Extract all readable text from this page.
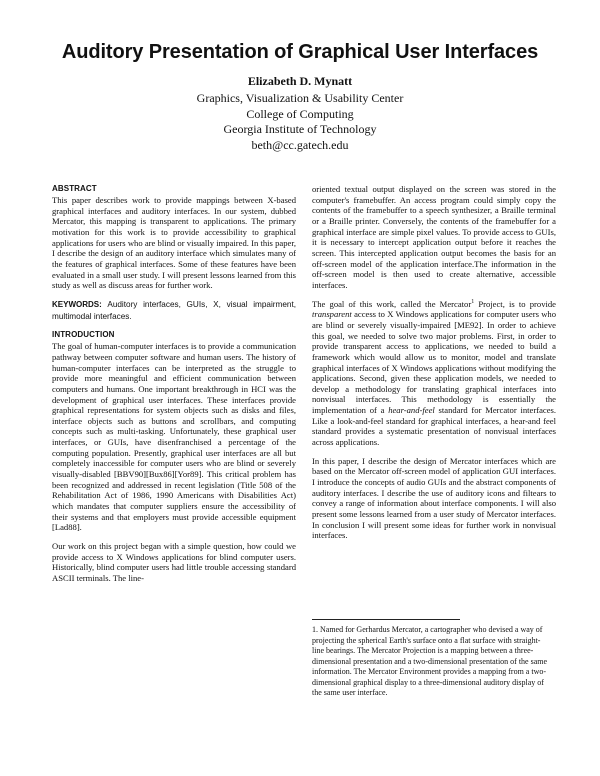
Auditory Presentation of Graphical User Interfaces
Elizabeth D. Mynatt
Graphics, Visualization & Usability Center
College of Computing
Georgia Institute of Technology
beth@cc.gatech.edu
ABSTRACT

This paper describes work to provide mappings between X-based graphical interfaces and auditory interfaces. In our system, dubbed Mercator, this mapping is transparent to applications. The primary motivation for this work is to provide accessibility to graphical applications for users who are blind or visually impaired. In this paper, I describe the design of an auditory interface which simulates many of the features of graphical interfaces. Some of these features have been evaluated in a small user study. I will present lessons learned from this study as well as discuss areas for further work.

KEYWORDS: Auditory interfaces, GUIs, X, visual impairment, multimodal interfaces.

INTRODUCTION

The goal of human-computer interfaces is to provide a communication pathway between computer software and human users. The history of human-computer interfaces can be interpreted as the struggle to provide more meaningful and efficient communication between computers and humans. One important breakthrough in HCI was the development of graphical user interfaces. These interfaces provide graphical representations for system objects such as disks and files, interface objects such as buttons and scrollbars, and computing concepts such as multi-tasking. Unfortunately, these graphical user interfaces, or GUIs, have disenfranchised a percentage of the computing population. Presently, graphical user interfaces are all but completely inaccessible for computer users who are blind or severely visually-disabled [BBV90][Bux86][Yor89]. This critical problem has been recognized and addressed in recent legislation (Title 508 of the Rehabilitation Act of 1986, 1990 Americans with Disabilities Act) which mandates that computer suppliers ensure the accessibility of their systems and that employers must provide accessible equipment [Lad88].

Our work on this project began with a simple question, how could we provide access to X Windows applications for blind computer users. Historically, blind computer users had little trouble accessing standard ASCII terminals. The line-

oriented textual output displayed on the screen was stored in the computer's framebuffer. An access program could simply copy the contents of the framebuffer to a speech synthesizer, a Braille terminal or a Braille printer. Conversely, the contents of the framebuffer for a graphical interface are simple pixel values. To provide access to GUIs, it is necessary to intercept application output before it reaches the screen. This intercepted application output becomes the basis for an off-screen model of the application interface.The information in the off-screen model is then used to create alternative, accessible interfaces.

The goal of this work, called the Mercator$^1$ Project, is to provide transparent access to X Windows applications for computer users who are blind or severely visually-impaired [ME92]. In order to achieve this goal, we needed to solve two major problems. First, in order to provide transparent access to applications, we needed to build a framework which would allow us to monitor, model and translate graphical interfaces of X Windows applications without modifying the applications. Second, given these application models, we needed to develop a methodology for translating graphical interfaces into nonvisual interfaces. This methodology is essentially the implementation of a hear-and-feel standard for Mercator interfaces. Like a look-and-feel standard for graphical interfaces, a hear-and feel standard provides a systematic presentation of nonvisual interfaces across applications.

In this paper, I describe the design of Mercator interfaces which are based on the Mercator off-screen model of application GUI interfaces. I introduce the concepts of audio GUIs and the abstract components of auditory interfaces. I describe the use of auditory icons and filtears to convey a range of information about interface components. I will also present some lessons learned from a user study of Mercator interfaces. In conclusion I will present some ideas for further work in nonvisual interfaces.

1. Named for Gerhardus Mercator, a cartographer who devised a way of projecting the spherical Earth's surface onto a flat surface with straight-line bearings. The Mercator Projection is a mapping between a three-dimensional presentation and a two-dimensional presentation of the same information. The Mercator Environment provides a mapping from a two-dimensional graphical display to a three-dimensional auditory display of the same user interface.
